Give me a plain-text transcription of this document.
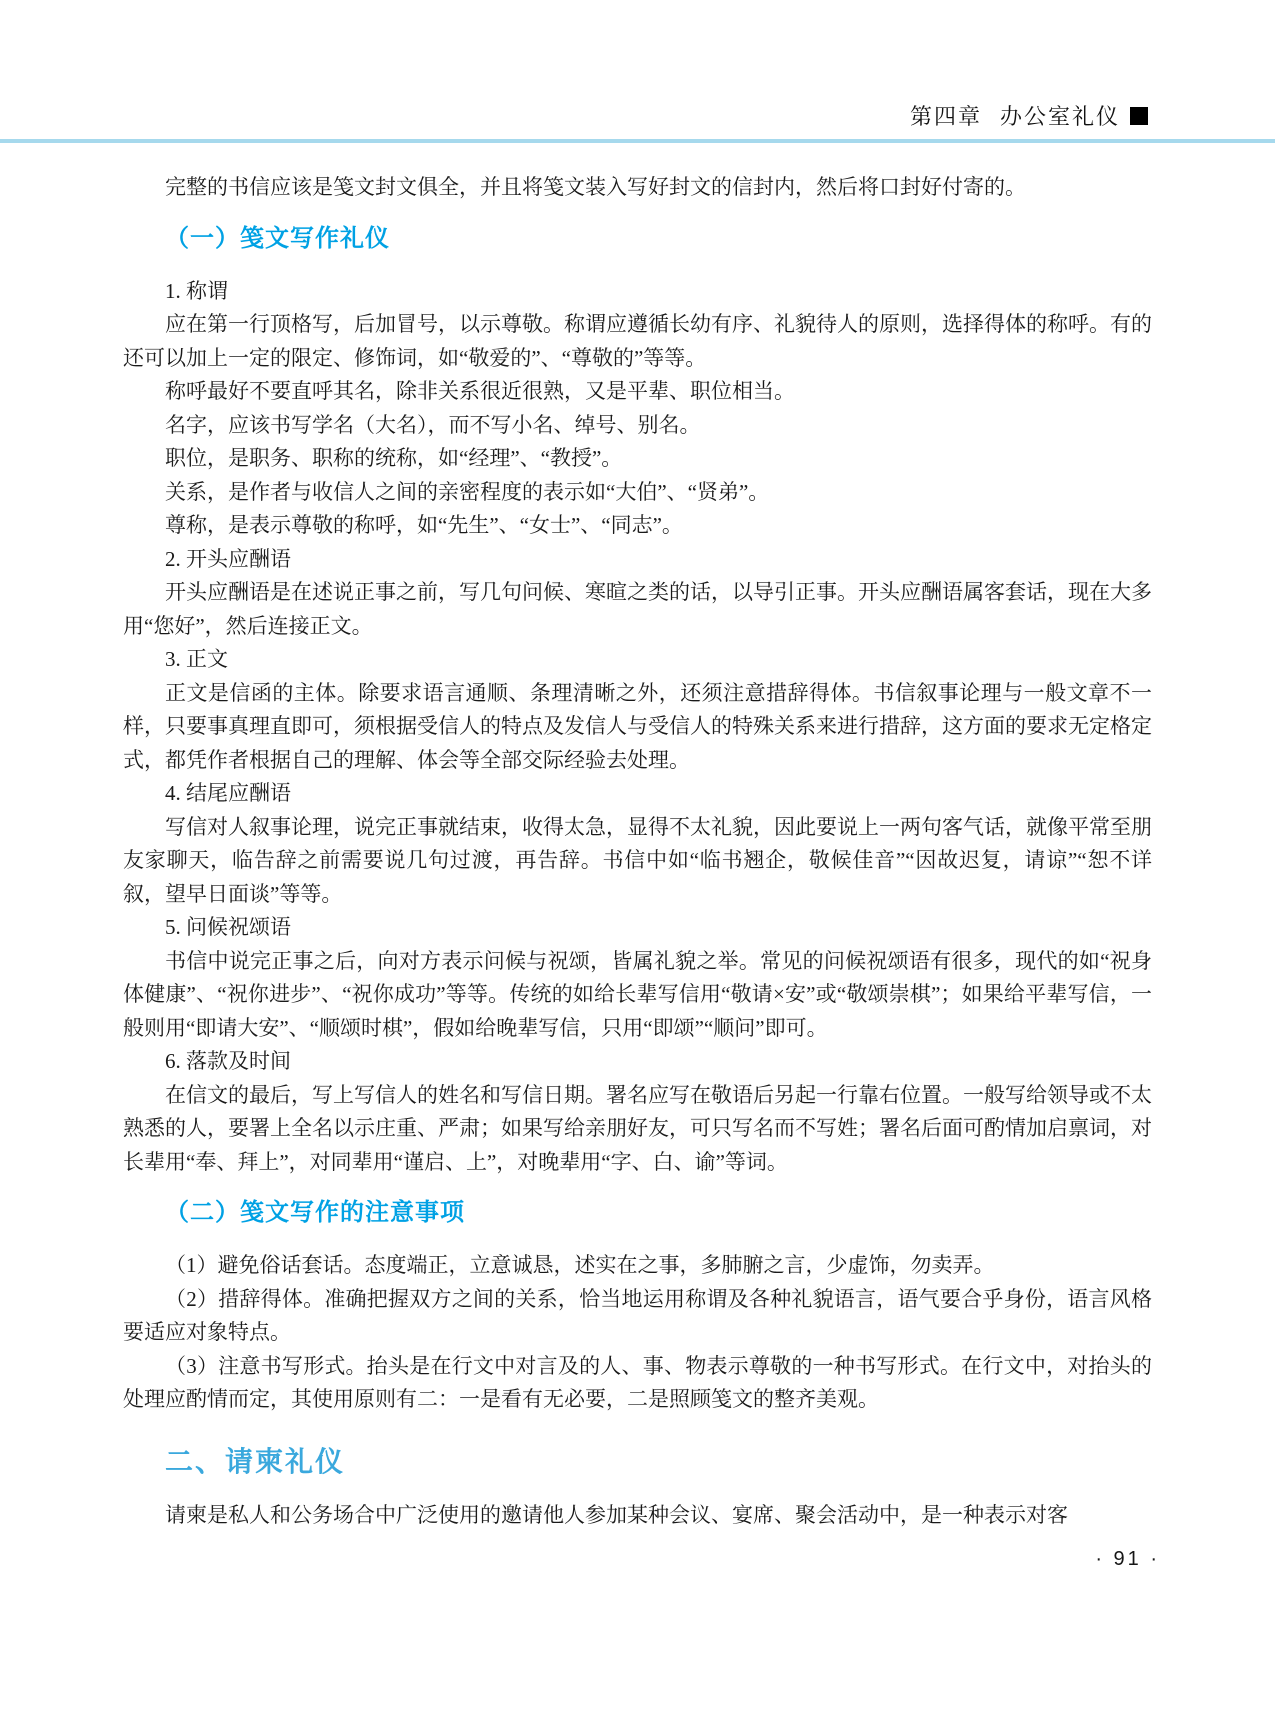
第四章 办公室礼仪

完整的书信应该是笺文封文俱全，并且将笺文装入写好封文的信封内，然后将口封好付寄的。

（一）笺文写作礼仪

1. 称谓

应在第一行顶格写，后加冒号，以示尊敬。称谓应遵循长幼有序、礼貌待人的原则，选择得体的称呼。有的还可以加上一定的限定、修饰词，如“敬爱的”、“尊敬的”等等。

称呼最好不要直呼其名，除非关系很近很熟，又是平辈、职位相当。

名字，应该书写学名（大名），而不写小名、绰号、别名。

职位，是职务、职称的统称，如“经理”、“教授”。

关系，是作者与收信人之间的亲密程度的表示如“大伯”、“贤弟”。

尊称，是表示尊敬的称呼，如“先生”、“女士”、“同志”。

2. 开头应酬语

开头应酬语是在述说正事之前，写几句问候、寒暄之类的话，以导引正事。开头应酬语属客套话，现在大多用“您好”，然后连接正文。

3. 正文

正文是信函的主体。除要求语言通顺、条理清晰之外，还须注意措辞得体。书信叙事论理与一般文章不一样，只要事真理直即可，须根据受信人的特点及发信人与受信人的特殊关系来进行措辞，这方面的要求无定格定式，都凭作者根据自己的理解、体会等全部交际经验去处理。

4. 结尾应酬语

写信对人叙事论理，说完正事就结束，收得太急，显得不太礼貌，因此要说上一两句客气话，就像平常至朋友家聊天，临告辞之前需要说几句过渡，再告辞。书信中如“临书翘企，敬候佳音”“因故迟复，请谅”“恕不详叙，望早日面谈”等等。

5. 问候祝颂语

书信中说完正事之后，向对方表示问候与祝颂，皆属礼貌之举。常见的问候祝颂语有很多，现代的如“祝身体健康”、“祝你进步”、“祝你成功”等等。传统的如给长辈写信用“敬请×安”或“敬颂崇棋”；如果给平辈写信，一般则用“即请大安”、“顺颂时棋”，假如给晚辈写信，只用“即颂”“顺问”即可。

6. 落款及时间

在信文的最后，写上写信人的姓名和写信日期。署名应写在敬语后另起一行靠右位置。一般写给领导或不太熟悉的人，要署上全名以示庄重、严肃；如果写给亲朋好友，可只写名而不写姓；署名后面可酌情加启禀词，对长辈用“奉、拜上”，对同辈用“谨启、上”，对晚辈用“字、白、谕”等词。

（二）笺文写作的注意事项

（1）避免俗话套话。态度端正，立意诚恳，述实在之事，多肺腑之言，少虚饰，勿卖弄。

（2）措辞得体。准确把握双方之间的关系，恰当地运用称谓及各种礼貌语言，语气要合乎身份，语言风格要适应对象特点。

（3）注意书写形式。抬头是在行文中对言及的人、事、物表示尊敬的一种书写形式。在行文中，对抬头的处理应酌情而定，其使用原则有二：一是看有无必要，二是照顾笺文的整齐美观。

二、请柬礼仪

请柬是私人和公务场合中广泛使用的邀请他人参加某种会议、宴席、聚会活动中，是一种表示对客

· 91 ·
